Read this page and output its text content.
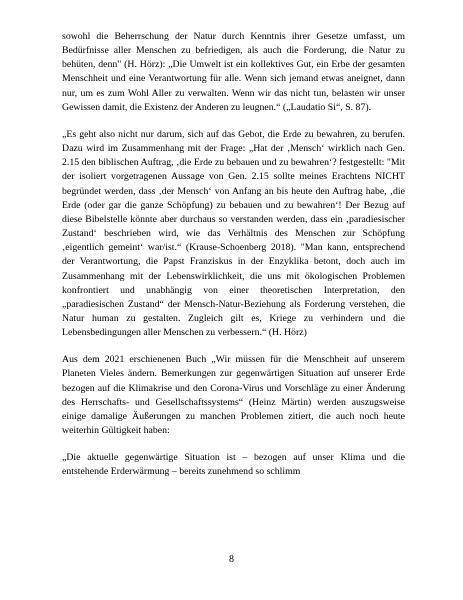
sowohl die Beherrschung der Natur durch Kenntnis ihrer Gesetze umfasst, um Bedürfnisse aller Menschen zu befriedigen, als auch die Forderung, die Natur zu behüten, denn" (H. Hörz): „Die Umwelt ist ein kollektives Gut, ein Erbe der gesamten Menschheit und eine Verantwortung für alle. Wenn sich jemand etwas aneignet, dann nur, um es zum Wohl Aller zu verwalten. Wenn wir das nicht tun, belasten wir unser Gewissen damit, die Existenz der Anderen zu leugnen.“ („Laudatio Si“, S. 87).

„Es geht also nicht nur darum, sich auf das Gebot, die Erde zu bewahren, zu berufen. Dazu wird im Zusammenhang mit der Frage: „Hat der ‚Mensch‘ wirklich nach Gen. 2.15 den biblischen Auftrag, ‚die Erde zu bebauen und zu bewahren‘? festgestellt: "Mit der isoliert vorgetragenen Aussage von Gen. 2.15 sollte meines Erachtens NICHT begründet werden, dass ‚der Mensch‘ von Anfang an bis heute den Auftrag habe, ‚die Erde (oder gar die ganze Schöpfung) zu bebauen und zu bewahren‘! Der Bezug auf diese Bibelstelle könnte aber durchaus so verstanden werden, dass ein ‚paradiesischer Zustand‘ beschrieben wird, wie das Verhältnis des Menschen zur Schöpfung ‚eigentlich gemeint‘ war/ist.“ (Krause-Schoenberg 2018). "Man kann, entsprechend der Verantwortung, die Papst Franziskus in der Enzyklika betont, doch auch im Zusammenhang mit der Lebenswirklichkeit, die uns mit ökologischen Problemen konfrontiert und unabhängig von einer theoretischen Interpretation, den „paradiesischen Zustand“ der Mensch-Natur-Beziehung als Forderung verstehen, die Natur human zu gestalten. Zugleich gilt es, Kriege zu verhindern und die Lebensbedingungen aller Menschen zu verbessern.“ (H. Hörz)

Aus dem 2021 erschienenen Buch „Wir müssen für die Menschheit auf unserem Planeten Vieles ändern. Bemerkungen zur gegenwärtigen Situation auf unserer Erde bezogen auf die Klimakrise und den Corona-Virus und Vorschläge zu einer Änderung des Herrschafts- und Gesellschaftssystems“ (Heinz Märtin) werden auszugsweise einige damalige Äußerungen zu manchen Problemen zitiert, die auch noch heute weiterhin Gültigkeit haben:

„Die aktuelle gegenwärtige Situation ist – bezogen auf unser Klima und die entstehende Erderwärmung – bereits zunehmend so schlimm

8
